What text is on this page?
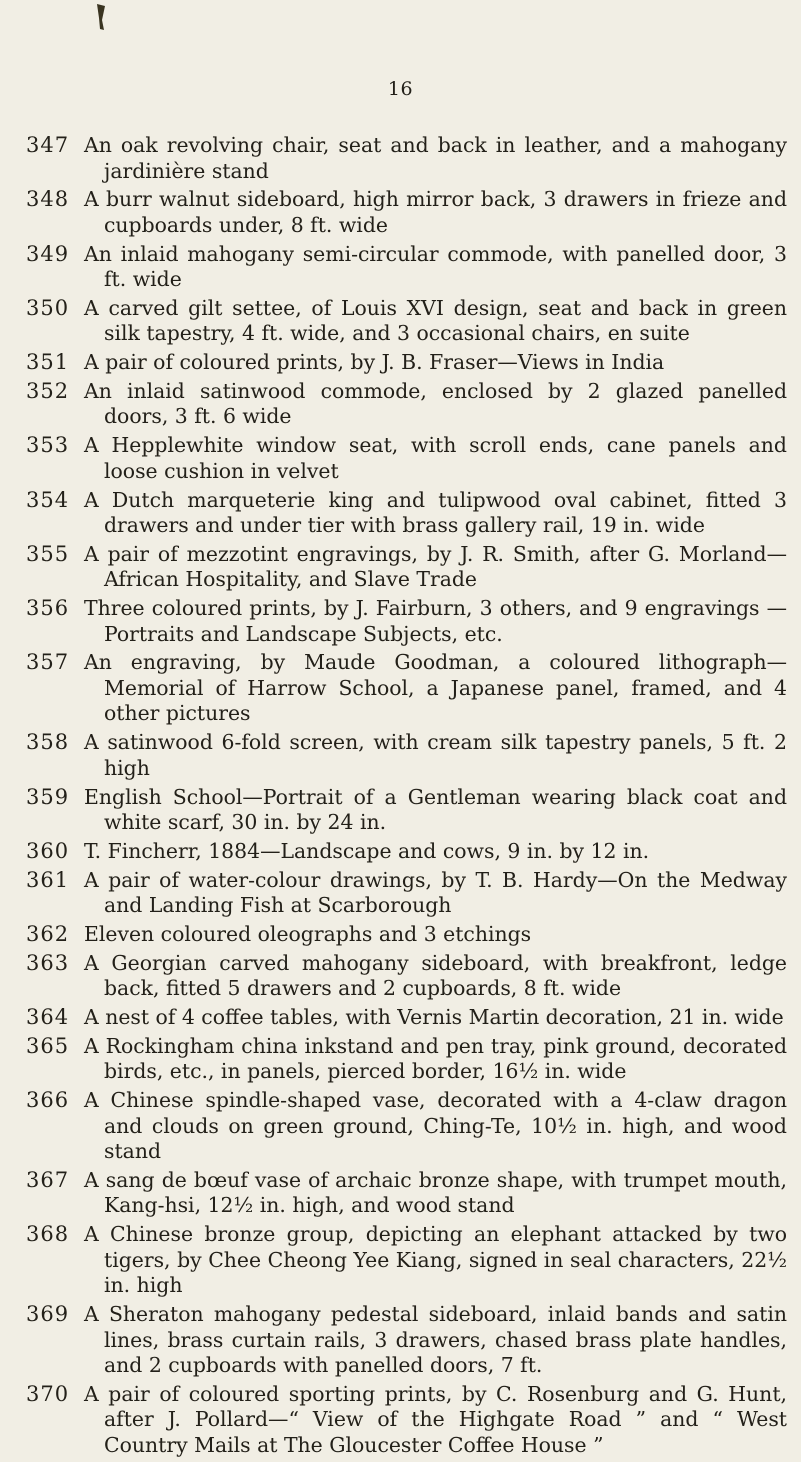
16
347 An oak revolving chair, seat and back in leather, and a mahogany jardinière stand
348 A burr walnut sideboard, high mirror back, 3 drawers in frieze and cupboards under, 8 ft. wide
349 An inlaid mahogany semi-circular commode, with panelled door, 3 ft. wide
350 A carved gilt settee, of Louis XVI design, seat and back in green silk tapestry, 4 ft. wide, and 3 occasional chairs, en suite
351 A pair of coloured prints, by J. B. Fraser—Views in India
352 An inlaid satinwood commode, enclosed by 2 glazed panelled doors, 3 ft. 6 wide
353 A Hepplewhite window seat, with scroll ends, cane panels and loose cushion in velvet
354 A Dutch marqueterie king and tulipwood oval cabinet, fitted 3 drawers and under tier with brass gallery rail, 19 in. wide
355 A pair of mezzotint engravings, by J. R. Smith, after G. Morland—African Hospitality, and Slave Trade
356 Three coloured prints, by J. Fairburn, 3 others, and 9 engravings —Portraits and Landscape Subjects, etc.
357 An engraving, by Maude Goodman, a coloured lithograph—Memorial of Harrow School, a Japanese panel, framed, and 4 other pictures
358 A satinwood 6-fold screen, with cream silk tapestry panels, 5 ft. 2 high
359 English School—Portrait of a Gentleman wearing black coat and white scarf, 30 in. by 24 in.
360 T. Fincherr, 1884—Landscape and cows, 9 in. by 12 in.
361 A pair of water-colour drawings, by T. B. Hardy—On the Medway and Landing Fish at Scarborough
362 Eleven coloured oleographs and 3 etchings
363 A Georgian carved mahogany sideboard, with breakfront, ledge back, fitted 5 drawers and 2 cupboards, 8 ft. wide
364 A nest of 4 coffee tables, with Vernis Martin decoration, 21 in. wide
365 A Rockingham china inkstand and pen tray, pink ground, decorated birds, etc., in panels, pierced border, 16½ in. wide
366 A Chinese spindle-shaped vase, decorated with a 4-claw dragon and clouds on green ground, Ching-Te, 10½ in. high, and wood stand
367 A sang de bœuf vase of archaic bronze shape, with trumpet mouth, Kang-hsi, 12½ in. high, and wood stand
368 A Chinese bronze group, depicting an elephant attacked by two tigers, by Chee Cheong Yee Kiang, signed in seal characters, 22½ in. high
369 A Sheraton mahogany pedestal sideboard, inlaid bands and satin lines, brass curtain rails, 3 drawers, chased brass plate handles, and 2 cupboards with panelled doors, 7 ft.
370 A pair of coloured sporting prints, by C. Rosenburg and G. Hunt, after J. Pollard—“ View of the Highgate Road ” and “ West Country Mails at The Gloucester Coffee House ”
